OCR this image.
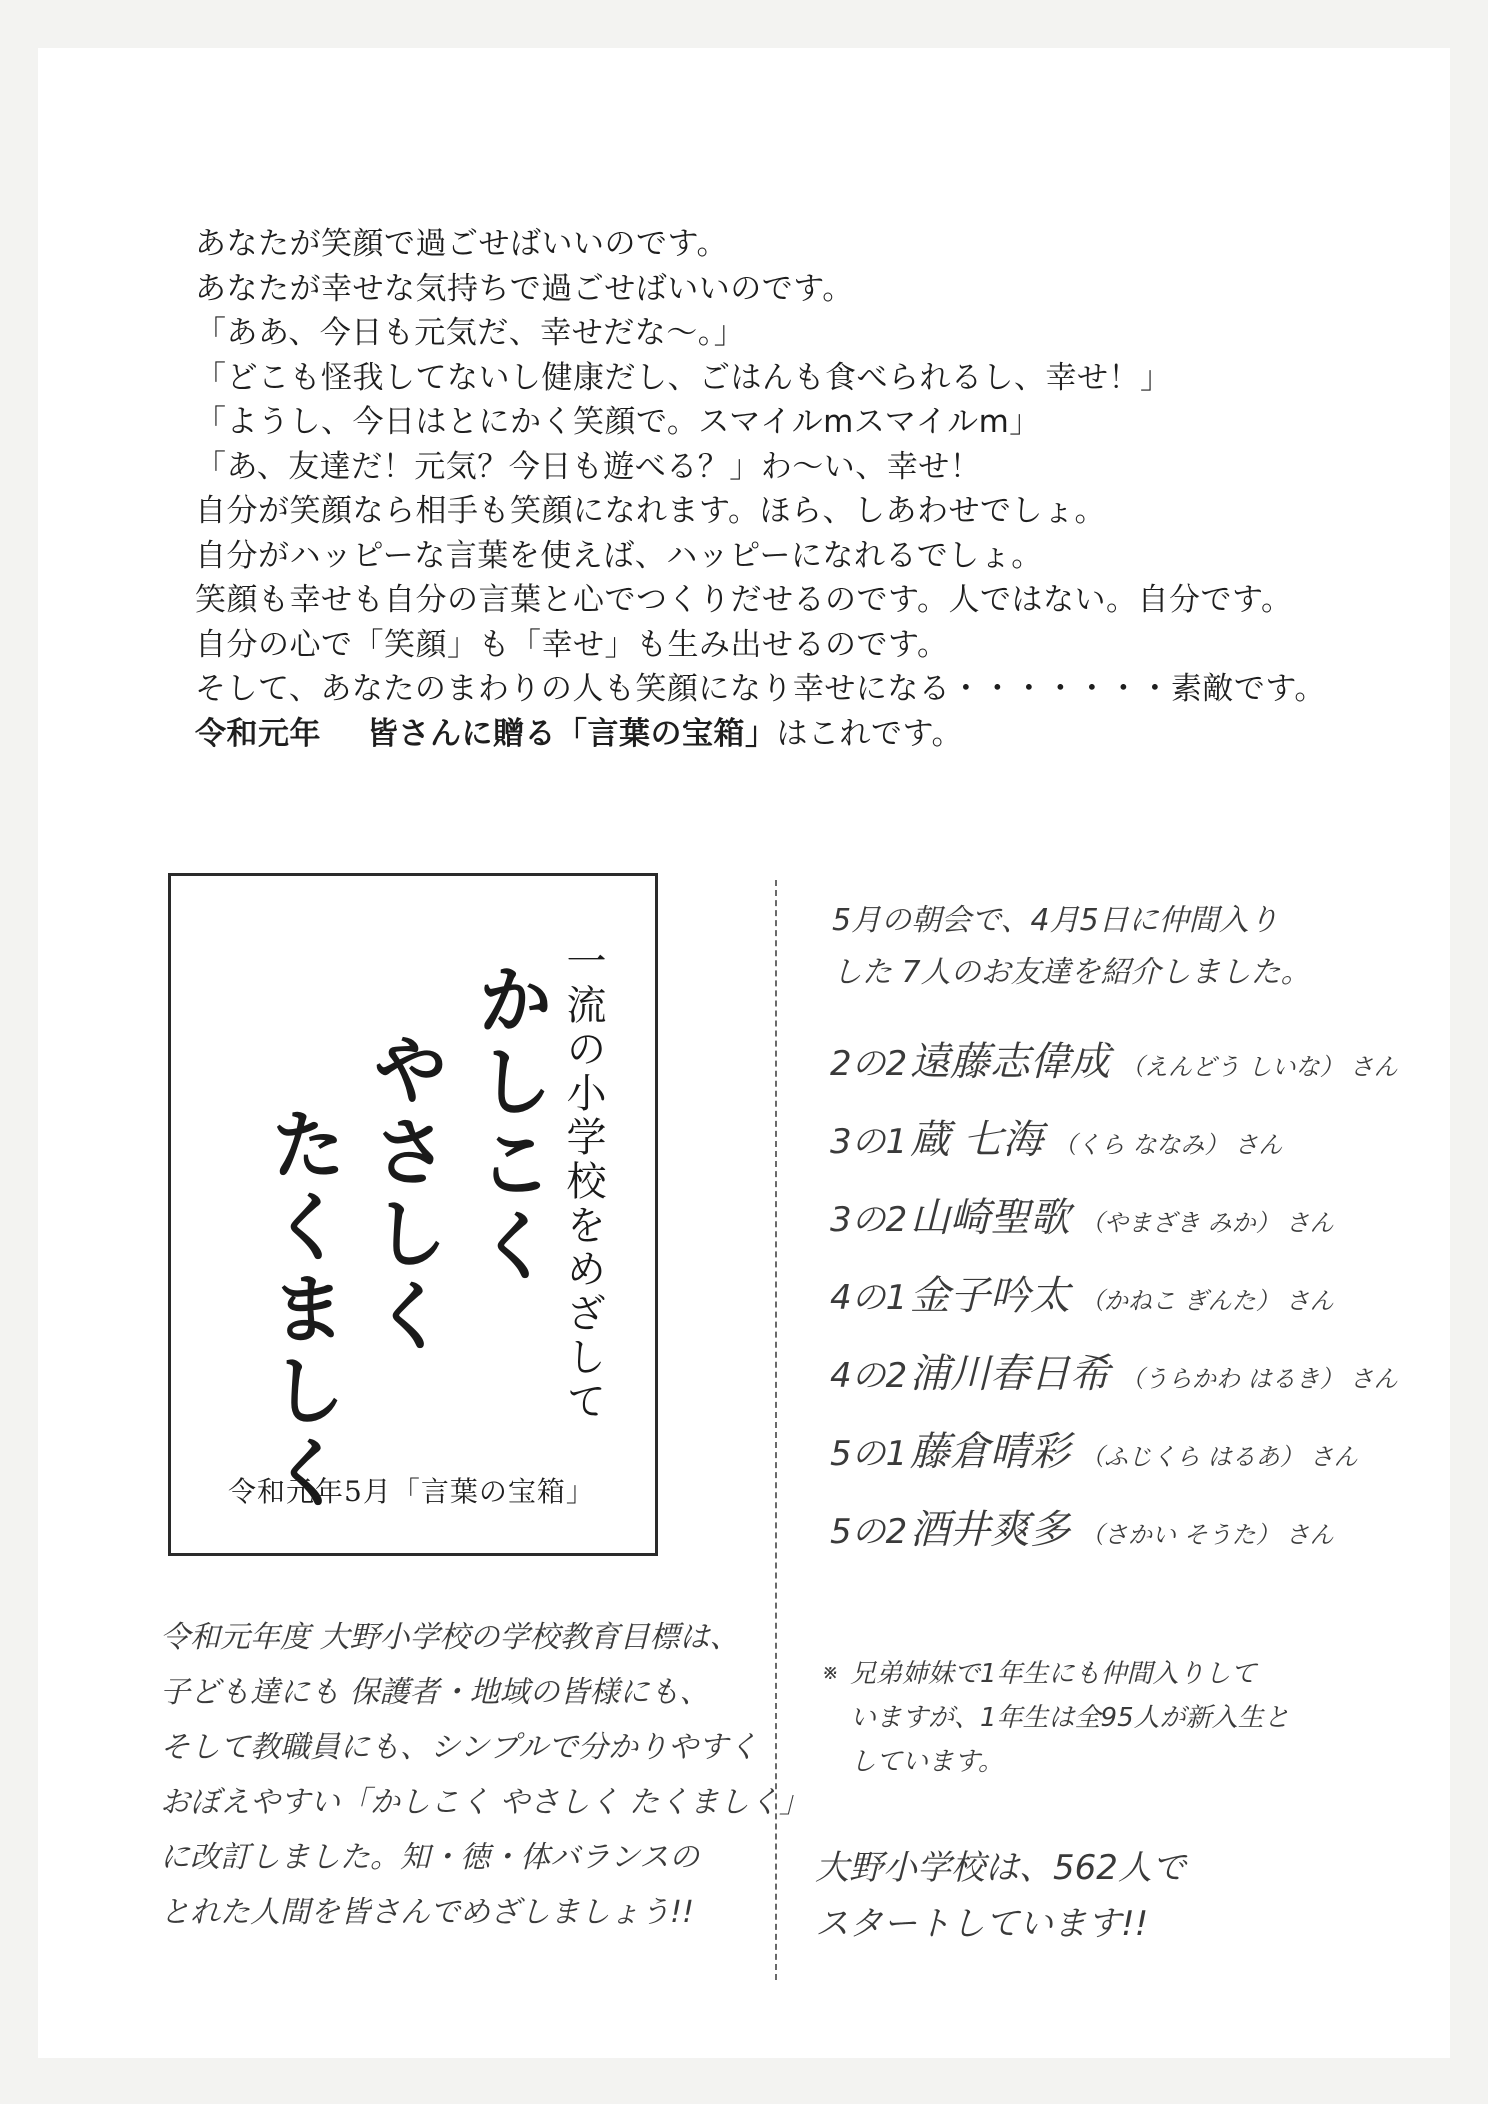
あなたが笑顔で過ごせばいいのです。
あなたが幸せな気持ちで過ごせばいいのです。
「ああ、今日も元気だ、幸せだな〜。」
「どこも怪我してないし健康だし、ごはんも食べられるし、幸せ！」
「ようし、今日はとにかく笑顔で。スマイルmスマイルm」
「あ、友達だ！元気？今日も遊べる？」わ〜い、幸せ！
自分が笑顔なら相手も笑顔になれます。ほら、しあわせでしょ。
自分がハッピーな言葉を使えば、ハッピーになれるでしょ。
笑顔も幸せも自分の言葉と心でつくりだせるのです。人ではない。自分です。
自分の心で「笑顔」も「幸せ」も生み出せるのです。
そして、あなたのまわりの人も笑顔になり幸せになる・・・・・・・素敵です。
令和元年 皆さんに贈る「言葉の宝箱」はこれです。
一流の小学校をめざして
かしこく
やさしく
たくましく
令和元年5月「言葉の宝箱」
5月の朝会で、4月5日に仲間入り
した 7人のお友達を紹介しました。
2の2 遠藤志偉成 （えんどう しいな） さん
3の1 蔵 七海 （くら ななみ） さん
3の2 山崎聖歌 （やまざき みか） さん
4の1 金子吟太 （かねこ ぎんた） さん
4の2 浦川春日希 （うらかわ はるき） さん
5の1 藤倉晴彩 （ふじくら はるあ） さん
5の2 酒井爽多 （さかい そうた） さん
※ 兄弟姉妹で1年生にも仲間入りして
いますが、1年生は全95人が新入生と
しています。
大野小学校は、562人で
スタートしています!!
令和元年度 大野小学校の学校教育目標は、
子ども達にも 保護者・地域の皆様にも、
そして教職員にも、シンプルで分かりやすく
おぼえやすい「かしこく やさしく たくましく」
に改訂しました。知・徳・体バランスの
とれた人間を皆さんでめざしましょう!!
